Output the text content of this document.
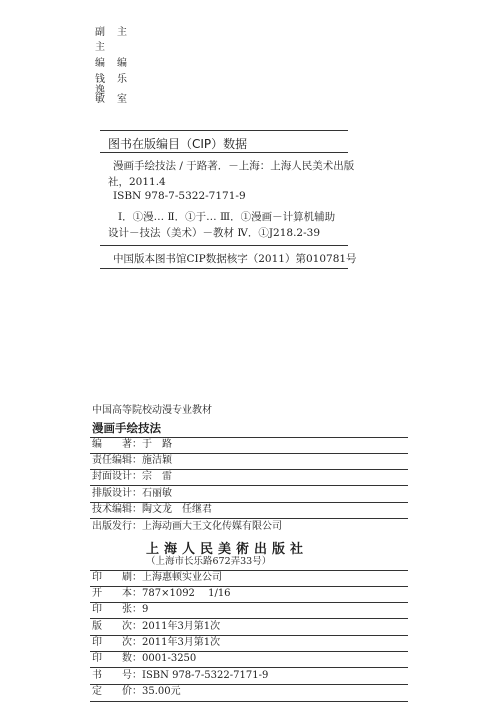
副 主
主
编 编
钱 乐
逸
敏 室
图书在版编目（CIP）数据
漫画手绘技法 / 于路著．－上海：上海人民美术出版
社，2011.4
ISBN 978-7-5322-7171-9
Ⅰ．①漫… Ⅱ．①于… Ⅲ．①漫画－计算机辅助
设计－技法（美术）－教材 Ⅳ．①J218.2-39
中国版本图书馆CIP数据核字（2011）第010781号
中国高等院校动漫专业教材
漫画手绘技法
编　　著：于　路
责任编辑：施洁颖
封面设计：宗　雷
排版设计：石丽敏
技术编辑：陶文龙　任继君
出版发行：上海动画大王文化传媒有限公司
上海人民美術出版社
（上海市长乐路672弄33号）
印　　刷：上海惠顿实业公司
开　　本：787×1092　 1/16
印　　张：9
版　　次：2011年3月第1次
印　　次：2011年3月第1次
印　　数：0001-3250
书　　号：ISBN 978-7-5322-7171-9
定　　价：35.00元
